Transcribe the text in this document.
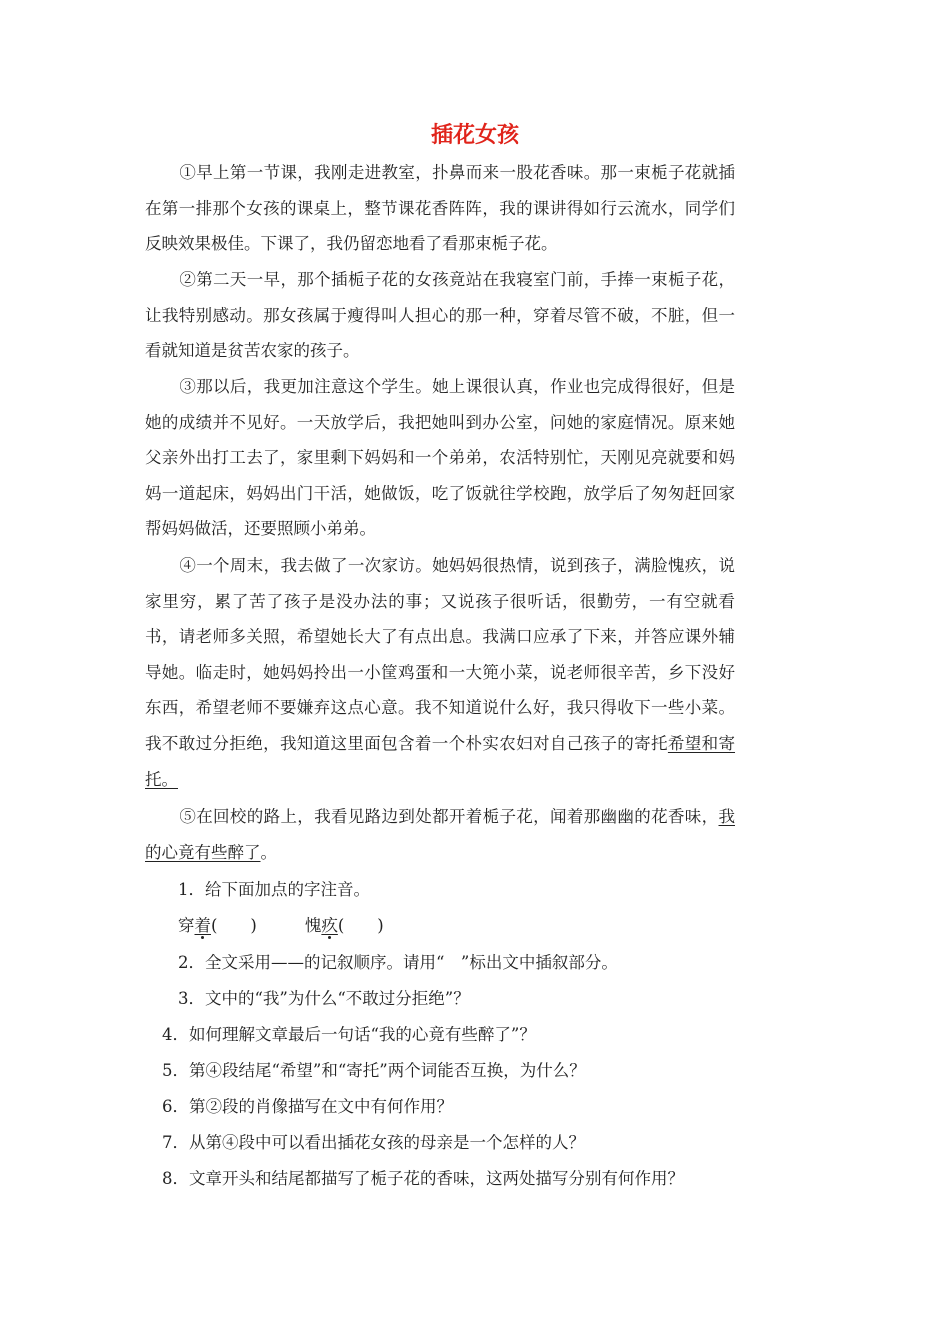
插花女孩

①早上第一节课，我刚走进教室，扑鼻而来一股花香味。那一束栀子花就插在第一排那个女孩的课桌上，整节课花香阵阵，我的课讲得如行云流水，同学们反映效果极佳。下课了，我仍留恋地看了看那束栀子花。

②第二天一早，那个插栀子花的女孩竟站在我寝室门前，手捧一束栀子花，让我特别感动。那女孩属于瘦得叫人担心的那一种，穿着尽管不破，不脏，但一看就知道是贫苦农家的孩子。

③那以后，我更加注意这个学生。她上课很认真，作业也完成得很好，但是她的成绩并不见好。一天放学后，我把她叫到办公室，问她的家庭情况。原来她父亲外出打工去了，家里剩下妈妈和一个弟弟，农活特别忙，天刚见亮就要和妈妈一道起床，妈妈出门干活，她做饭，吃了饭就往学校跑，放学后了匆匆赶回家帮妈妈做活，还要照顾小弟弟。

④一个周末，我去做了一次家访。她妈妈很热情，说到孩子，满脸愧疚，说家里穷，累了苦了孩子是没办法的事；又说孩子很听话，很勤劳，一有空就看书，请老师多关照，希望她长大了有点出息。我满口应承了下来，并答应课外辅导她。临走时，她妈妈拎出一小筐鸡蛋和一大篼小菜，说老师很辛苦，乡下没好东西，希望老师不要嫌弃这点心意。我不知道说什么好，我只得收下一些小菜。我不敢过分拒绝，我知道这里面包含着一个朴实农妇对自己孩子的寄托希望和寄托。

⑤在回校的路上，我看见路边到处都开着栀子花，闻着那幽幽的花香味，我的心竟有些醉了。

1．给下面加点的字注音。

穿着(　　)	愧疚(　　)

2．全文采用——的记叙顺序。请用“　”标出文中插叙部分。

3．文中的“我”为什么“不敢过分拒绝”？

4．如何理解文章最后一句话“我的心竟有些醉了”？

5．第④段结尾“希望”和“寄托”两个词能否互换，为什么？

6．第②段的肖像描写在文中有何作用？

7．从第④段中可以看出插花女孩的母亲是一个怎样的人？

8．文章开头和结尾都描写了栀子花的香味，这两处描写分别有何作用？
